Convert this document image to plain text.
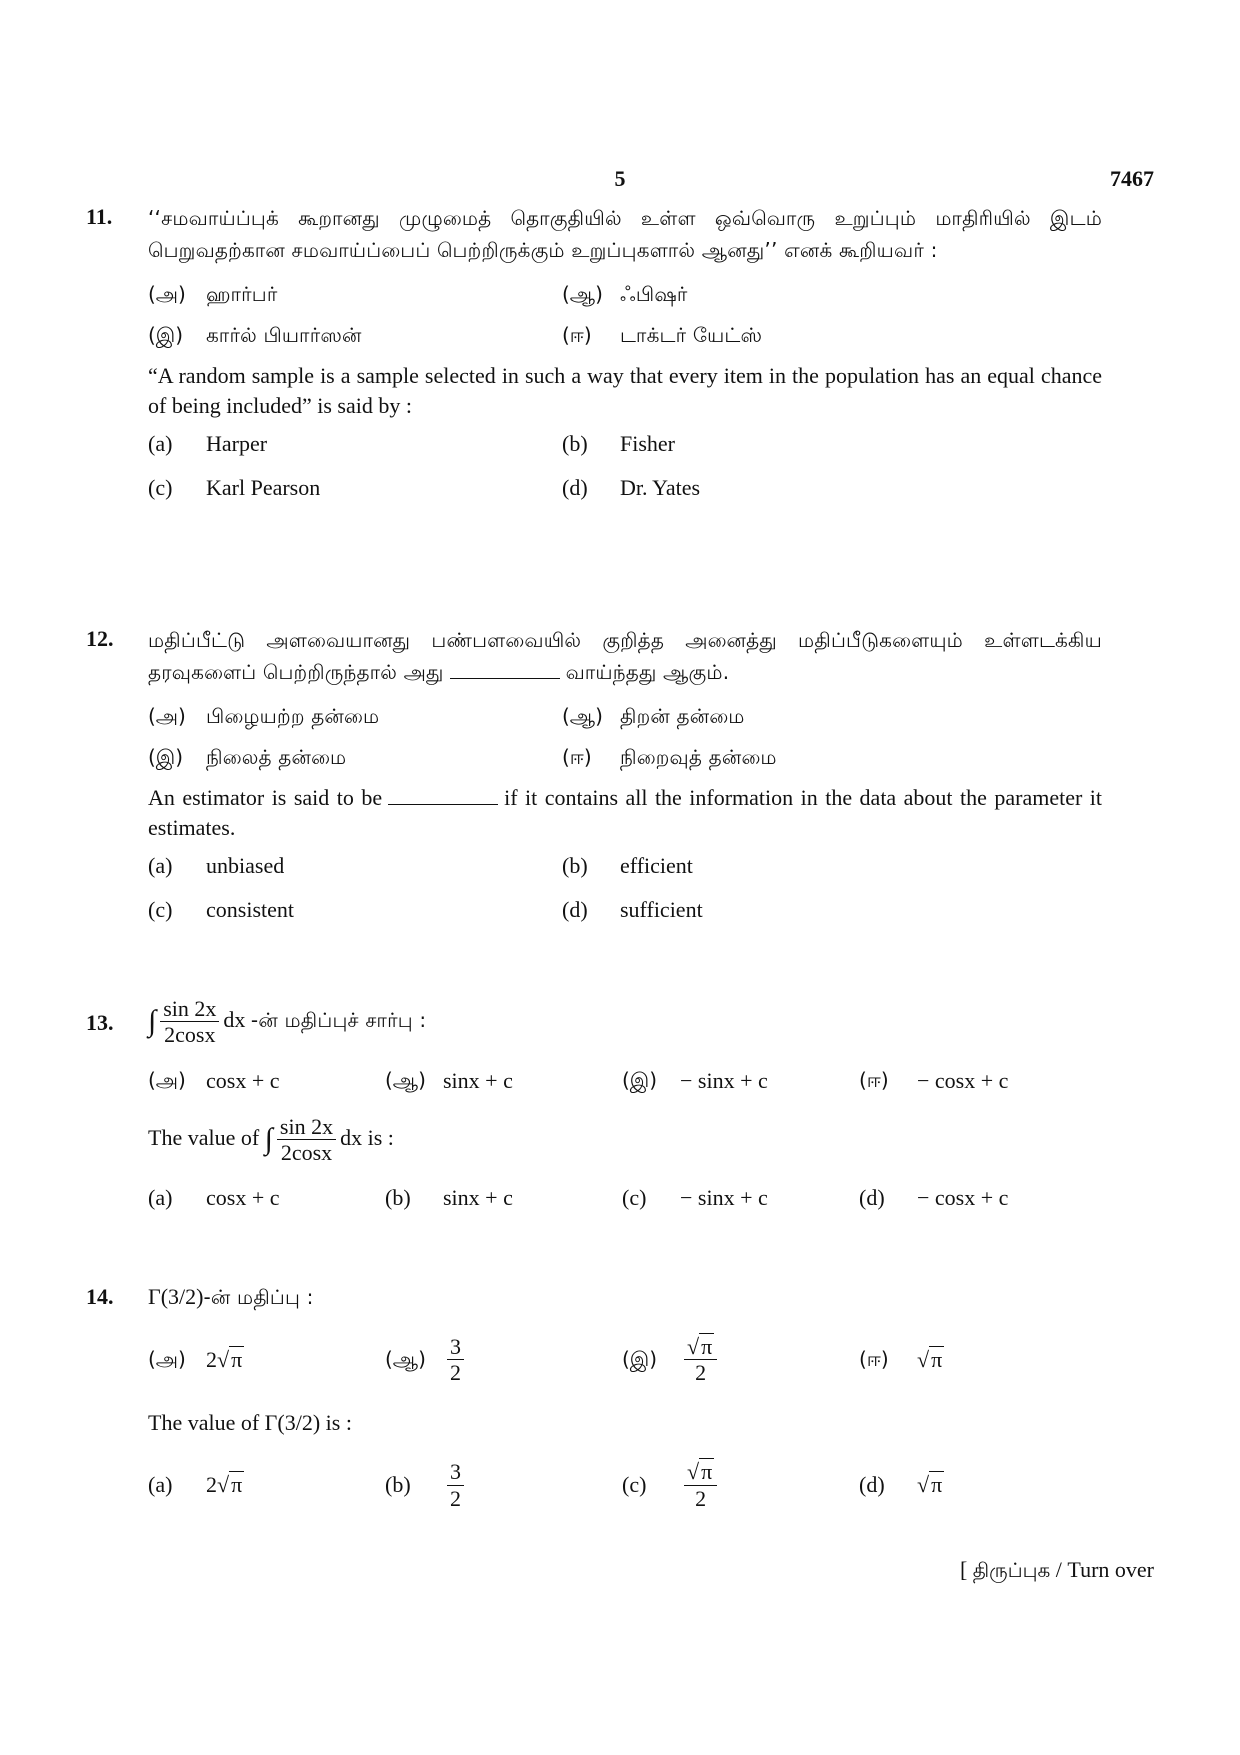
5	7467
11.	‘‘சமவாய்ப்புக் கூறானது முழுமைத் தொகுதியில் உள்ள ஒவ்வொரு உறுப்பும் மாதிரியில் இடம் பெறுவதற்கான சமவாய்ப்பைப் பெற்றிருக்கும் உறுப்புகளால் ஆனது’’ எனக் கூறியவர் :
(அ)	ஹார்பர்	(ஆ) ஃபிஷர்
(இ)	கார்ல் பியார்ஸன்	(ஈ)	டாக்டர் யேட்ஸ்
“A random sample is a sample selected in such a way that every item in the population has an equal chance of being included” is said by :
(a)	Harper	(b)	Fisher
(c)	Karl Pearson	(d)	Dr. Yates
12.	மதிப்பீட்டு அளவையானது பண்பளவையில் குறித்த அனைத்து மதிப்பீடுகளையும் உள்ளடக்கிய தரவுகளைப் பெற்றிருந்தால் அது	வாய்ந்தது ஆகும்.
(அ)	பிழையற்ற தன்மை	(ஆ) திறன் தன்மை
(இ)	நிலைத் தன்மை	(ஈ)	நிறைவுத் தன்மை
An estimator is said to be	if it contains all the information in the data about the parameter it estimates.
(a)	unbiased	(b)	efficient
(c)	consistent	(d)	sufficient
13.	∫ $\frac{\sin 2x}{2\cos x}$ dx -ன் மதிப்புச் சார்பு :
(அ) cosx + c	(ஆ) sinx + c	(இ)	− sinx + c	(ஈ)	− cosx + c
The value of ∫ $\frac{\sin 2x}{2\cos x}$ dx is :
(a)	cosx + c	(b)	sinx + c	(c)	− sinx + c	(d)	− cosx + c
14.	Γ(3/2)-ன் மதிப்பு :
(அ) 2 √π	(ஆ) $\frac{3}{2}$	(இ)	$\frac{√\pi}{2}$	(ஈ)	√π
The value of Γ(3/2) is :
(a)	2 √π	(b)	$\frac{3}{2}$	(c)	$\frac{√\pi}{2}$	(d)	√π
[ திருப்புக / Turn over
